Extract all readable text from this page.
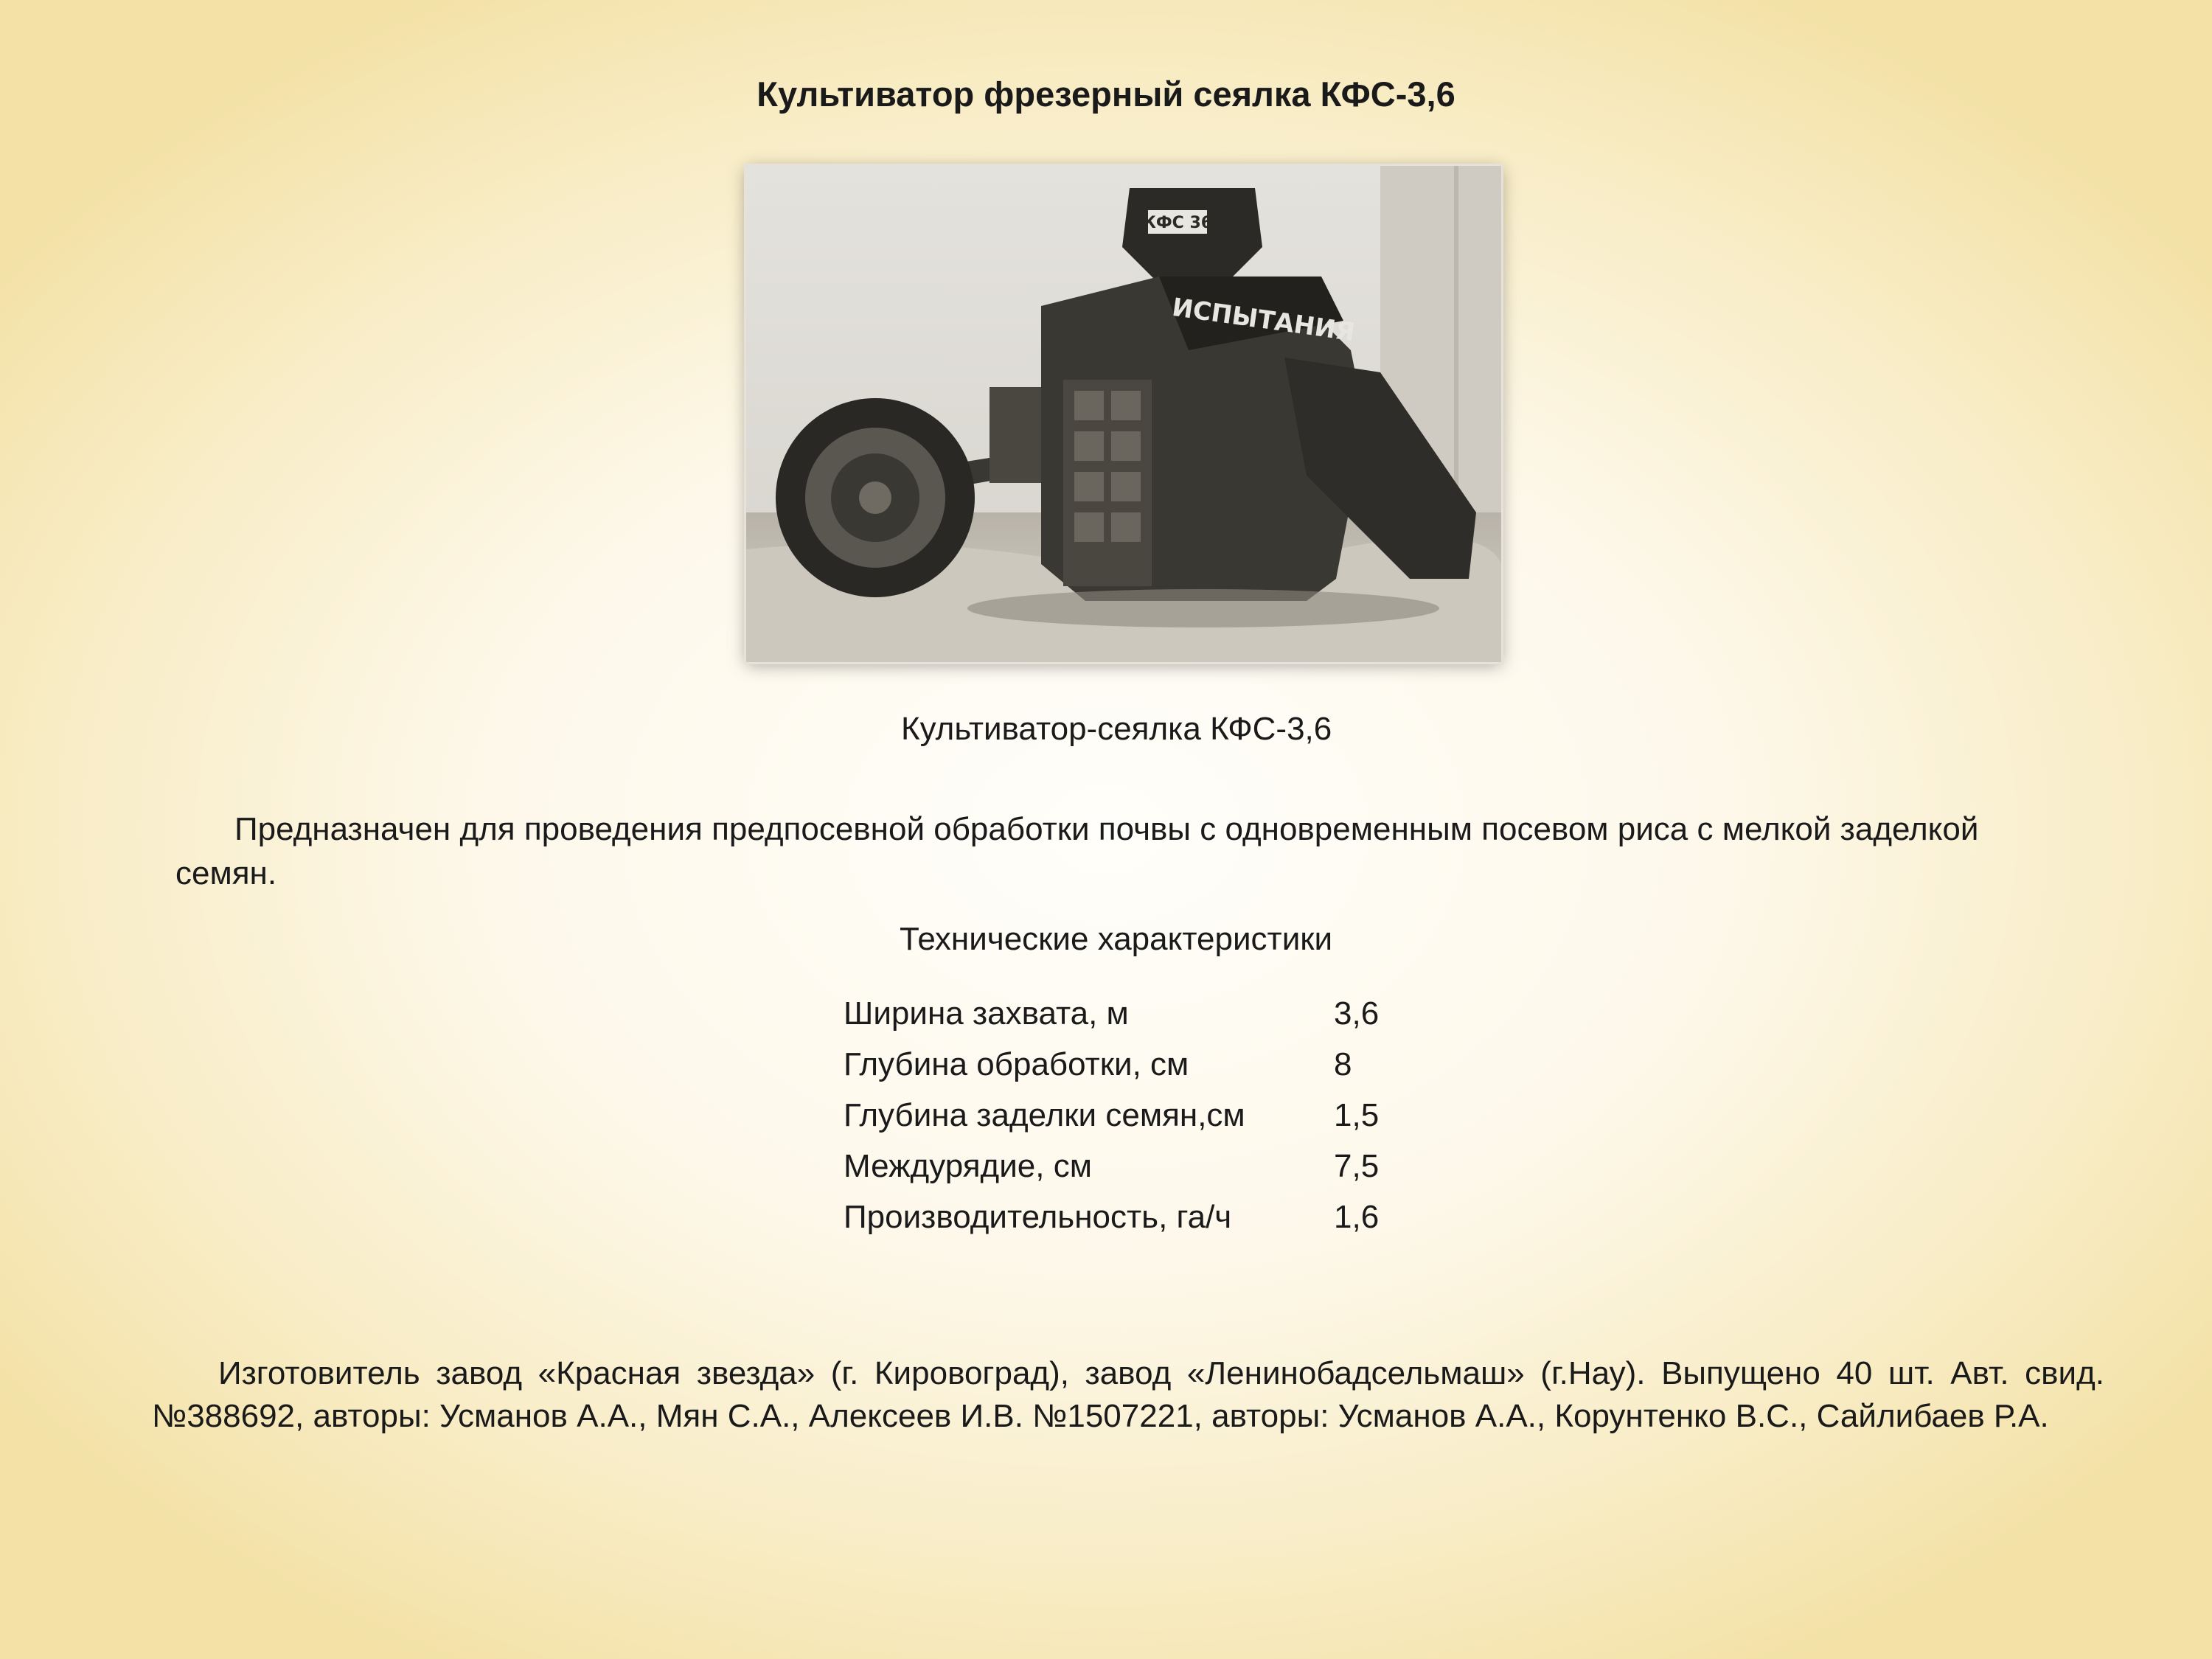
Культиватор фрезерный сеялка КФС-3,6
КФС 36
ИСПЫТАНИЯ
Культиватор-сеялка КФС-3,6
Предназначен для проведения предпосевной обработки почвы с одновременным посевом риса с мелкой заделкой семян.
Технические характеристики
Ширина захвата, м	3,6
Глубина обработки, см	8
Глубина заделки семян,см	1,5
Междурядие, см	7,5
Производительность, га/ч	1,6
Изготовитель завод «Красная звезда» (г. Кировоград), завод «Ленинобадсельмаш» (г.Нау). Выпущено 40 шт. Авт. свид. №388692, авторы: Усманов А.А., Мян С.А., Алексеев И.В. №1507221, авторы: Усманов А.А., Корунтенко В.С., Сайлибаев Р.А.
